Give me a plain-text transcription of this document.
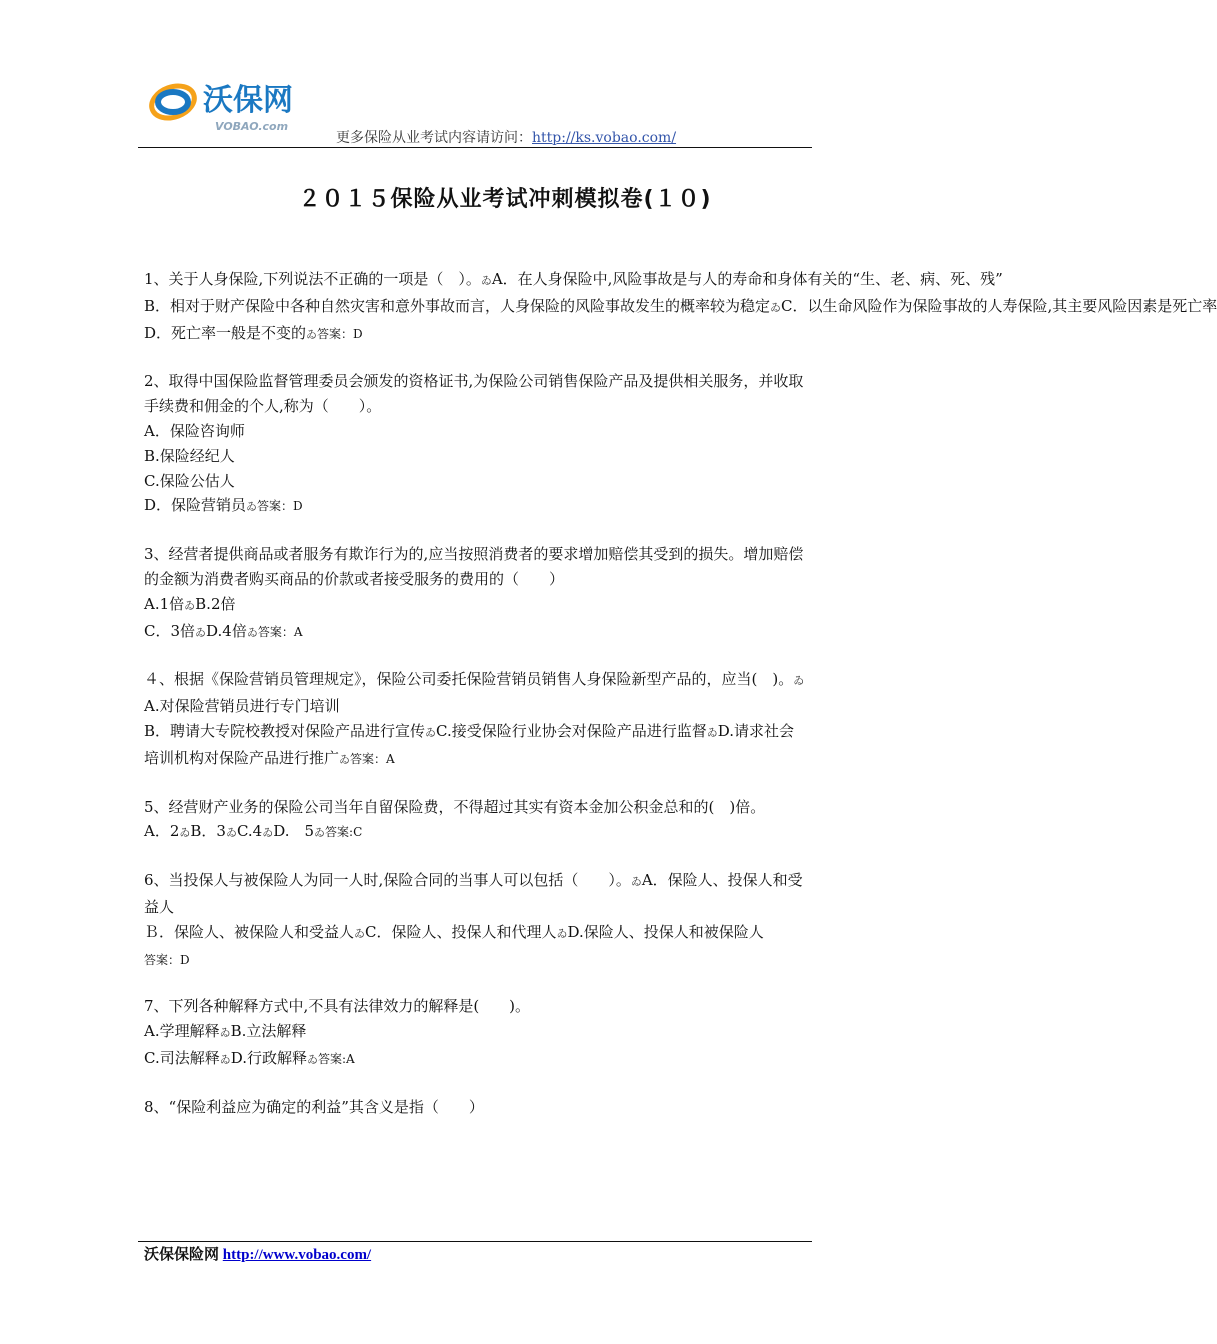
沃保网
VOBAO.com
更多保险从业考试内容请访问：http://ks.vobao.com/
２０１５保险从业考试冲刺模拟卷(１０)
1、关于人身保险,下列说法不正确的一项是（　）。ゐA．在人身保险中,风险事故是与人的寿命和身体有关的“生、老、病、死、残”
B．相对于财产保险中各种自然灾害和意外事故而言，人身保险的风险事故发生的概率较为稳定ゐC．以生命风险作为保险事故的人寿保险,其主要风险因素是死亡率
D．死亡率一般是不变的ゐ答案：D
2、取得中国保险监督管理委员会颁发的资格证书,为保险公司销售保险产品及提供相关服务，并收取手续费和佣金的个人,称为（　　）。
A．保险咨询师
B.保险经纪人
C.保险公估人
D．保险营销员ゐ答案：D
3、经营者提供商品或者服务有欺诈行为的,应当按照消费者的要求增加赔偿其受到的损失。增加赔偿的金额为消费者购买商品的价款或者接受服务的费用的（　　）
A.1倍ゐB.2倍
C．3倍ゐD.4倍ゐ答案：A
４、根据《保险营销员管理规定》，保险公司委托保险营销员销售人身保险新型产品的，应当(　)。ゐA.对保险营销员进行专门培训
B．聘请大专院校教授对保险产品进行宣传ゐC.接受保险行业协会对保险产品进行监督ゐD.请求社会培训机构对保险产品进行推广ゐ答案：A
5、经营财产业务的保险公司当年自留保险费，不得超过其实有资本金加公积金总和的(　)倍。
A．2ゐB．3ゐC.4ゐD.　5ゐ答案:C
6、当投保人与被保险人为同一人时,保险合同的当事人可以包括（　　）。ゐA．保险人、投保人和受益人
Ｂ．保险人、被保险人和受益人ゐC．保险人、投保人和代理人ゐD.保险人、投保人和被保险人
答案：D
7、下列各种解释方式中,不具有法律效力的解释是(　　)。
A.学理解释ゐB.立法解释
C.司法解释ゐD.行政解释ゐ答案:A
8、“保险利益应为确定的利益”其含义是指（　　）
沃保保险网 http://www.vobao.com/
